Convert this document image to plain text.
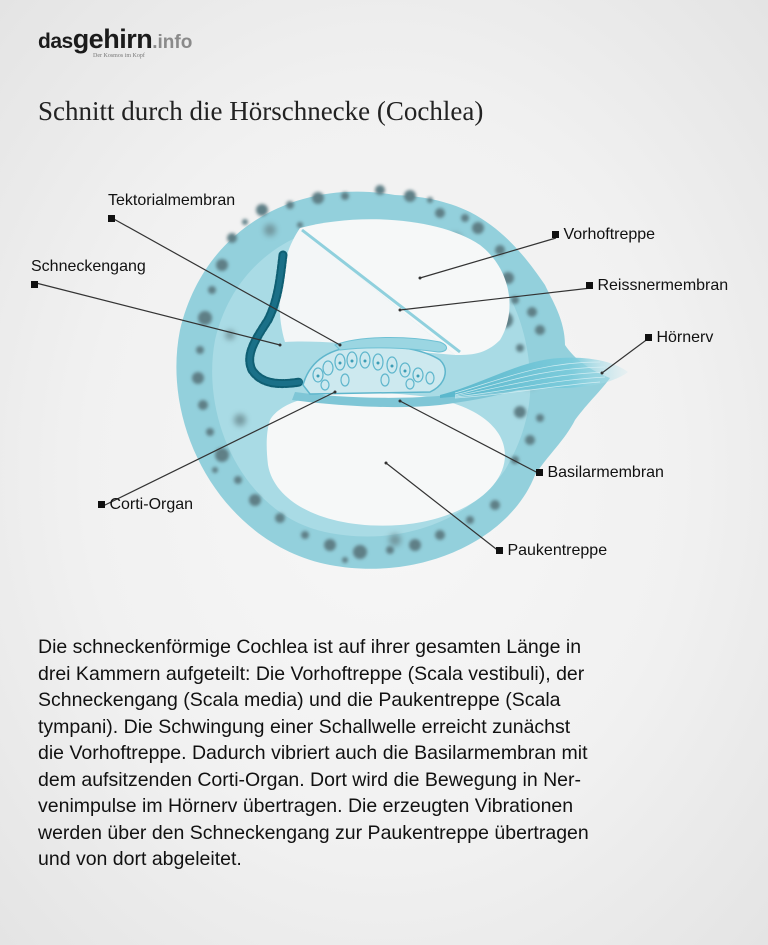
dasgehirn.info
Der Kosmos im Kopf
Schnitt durch die Hörschnecke (Cochlea)
Tektorialmembran

Schneckengang

Vorhoftreppe
Reissnermembran
Hörnerv
Basilarmembran
Corti-Organ
Paukentreppe

Die schneckenförmige Cochlea ist auf ihrer gesamten Länge in

drei Kammern aufgeteilt: Die Vorhoftreppe (Scala vestibuli), der

Schneckengang (Scala media) und die Paukentreppe (Scala

tympani). Die Schwingung einer Schallwelle erreicht zunächst

die Vorhoftreppe. Dadurch vibriert auch die Basilarmembran mit

dem aufsitzenden Corti-Organ. Dort wird die Bewegung in Ner-

venimpulse im Hörnerv übertragen. Die erzeugten Vibrationen

werden über den Schneckengang zur Paukentreppe übertragen

und von dort abgeleitet.
